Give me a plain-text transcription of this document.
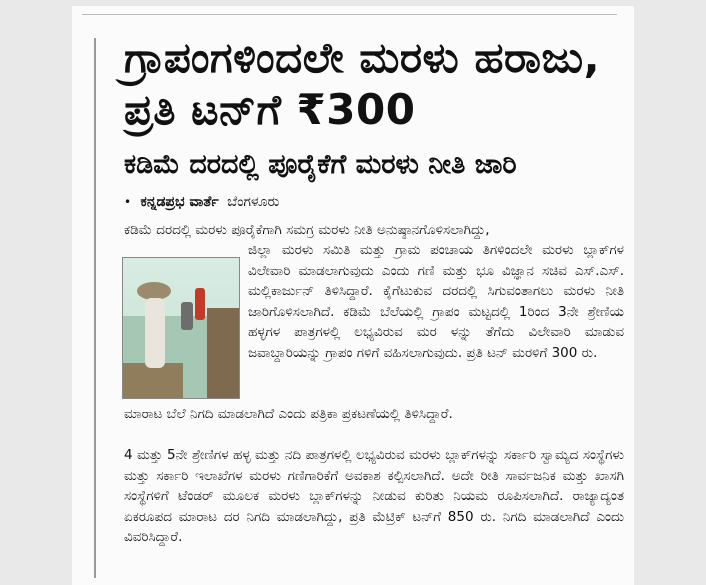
ಗ್ರಾಪಂಗಳಿಂದಲೇ ಮರಳು ಹರಾಜು, ಪ್ರತಿ ಟನ್‌ಗೆ ₹300
ಕಡಿಮೆ ದರದಲ್ಲಿ ಪೂರೈಕೆಗೆ ಮರಳು ನೀತಿ ಜಾರಿ
• ಕನ್ನಡಪ್ರಭ ವಾರ್ತೆ ಬೆಂಗಳೂರು

ಕಡಿಮೆ ದರದಲ್ಲಿ ಮರಳು ಪೂರೈಕೆಗಾಗಿ ಸಮಗ್ರ ಮರಳು ನೀತಿ ಅನುಷ್ಠಾನಗೊಳಿಸಲಾಗಿದ್ದು,

ಜಿಲ್ಲಾ ಮರಳು ಸಮಿತಿ ಮತ್ತು ಗ್ರಾಮ ಪಂಚಾಯ ತಿಗಳಿಂದಲೇ ಮರಳು ಬ್ಲಾಕ್‌ಗಳ ವಿಲೇವಾರಿ ಮಾಡಲಾಗುವುದು ಎಂದು ಗಣಿ ಮತ್ತು ಭೂ ವಿಜ್ಞಾನ ಸಚಿವ ಎಸ್.ಎಸ್. ಮಲ್ಲಿಕಾರ್ಜುನ್ ತಿಳಿಸಿದ್ದಾರೆ. ಕೈಗೆಟುಕುವ ದರದಲ್ಲಿ ಸಿಗುವಂತಾಗಲು ಮರಳು ನೀತಿ ಜಾರಿಗೊಳಿಸಲಾಗಿದೆ. ಕಡಿಮೆ ಬೆಲೆಯಲ್ಲಿ ಗ್ರಾಪಂ ಮಟ್ಟದಲ್ಲಿ 1ರಿಂದ 3ನೇ ಶ್ರೇಣಿಯ ಹಳ್ಳಗಳ ಪಾತ್ರಗಳಲ್ಲಿ ಲಭ್ಯವಿರುವ ಮರ ಳನ್ನು ತೆಗೆದು ವಿಲೇವಾರಿ ಮಾಡುವ ಜವಾಬ್ದಾರಿಯನ್ನು ಗ್ರಾಪಂ ಗಳಿಗೆ ವಹಿಸಲಾಗುವುದು. ಪ್ರತಿ ಟನ್ ಮರಳಿಗೆ 300 ರು.

ಮಾರಾಟ ಬೆಲೆ ನಿಗದಿ ಮಾಡಲಾಗಿದೆ ಎಂದು ಪತ್ರಿಕಾ ಪ್ರಕಟಣೆಯಲ್ಲಿ ತಿಳಿಸಿದ್ದಾರೆ.

4 ಮತ್ತು 5ನೇ ಶ್ರೇಣಿಗಳ ಹಳ್ಳ ಮತ್ತು ನದಿ ಪಾತ್ರಗಳಲ್ಲಿ ಲಭ್ಯವಿರುವ ಮರಳು ಬ್ಲಾಕ್‌ಗಳನ್ನು ಸರ್ಕಾರಿ ಸ್ವಾಮ್ಯದ ಸಂಸ್ಥೆಗಳು ಮತ್ತು ಸರ್ಕಾರಿ ಇಲಾಖೆಗಳ ಮರಳು ಗಣಿಗಾರಿಕೆಗೆ ಅವಕಾಶ ಕಲ್ಪಿಸಲಾಗಿದೆ. ಅದೇ ರೀತಿ ಸಾರ್ವಜನಿಕ ಮತ್ತು ಖಾಸಗಿ ಸಂಸ್ಥೆಗಳಿಗೆ ಟೆಂಡರ್ ಮೂಲಕ ಮರಳು ಬ್ಲಾಕ್‌ಗಳನ್ನು ನೀಡುವ ಕುರಿತು ನಿಯಮ ರೂಪಿಸಲಾಗಿದೆ. ರಾಜ್ಯಾದ್ಯಂತ ಏಕರೂಪದ ಮಾರಾಟ ದರ ನಿಗದಿ ಮಾಡಲಾಗಿದ್ದು, ಪ್ರತಿ ಮೆಟ್ರಿಕ್ ಟನ್‌ಗೆ 850 ರು. ನಿಗದಿ ಮಾಡಲಾಗಿದೆ ಎಂದು ವಿವರಿಸಿದ್ದಾರೆ.
